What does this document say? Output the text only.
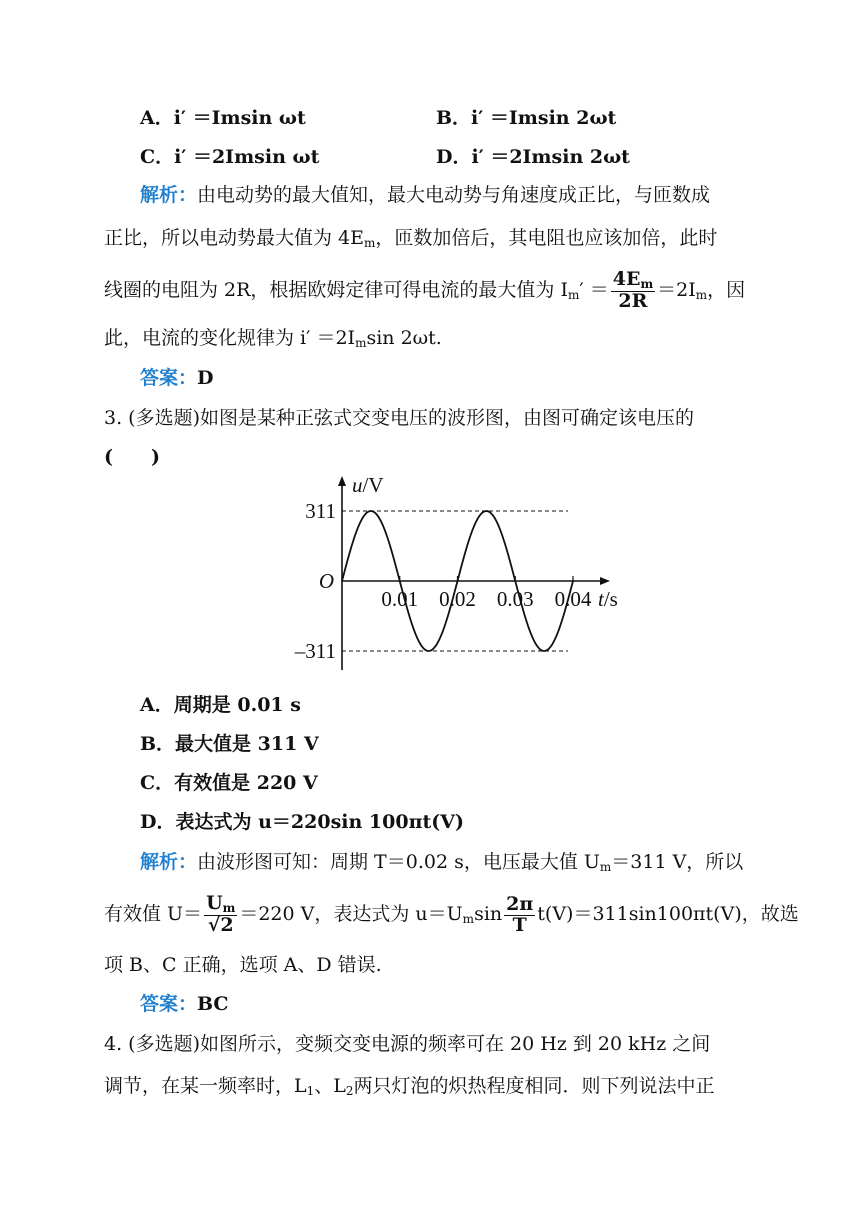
A．i′ ＝Imsin ωt	B．i′ ＝Imsin 2ωt
C．i′ ＝2Imsin ωt	D．i′ ＝2Imsin 2ωt
解析：由电动势的最大值知，最大电动势与角速度成正比，与匝数成
正比，所以电动势最大值为 $4E_m$，匝数加倍后，其电阻也应该加倍，此时
线圈的电阻为 2R，根据欧姆定律可得电流的最大值为 $I_m' = \frac{4E_m}{2R} =2I_m$，因
此，电流的变化规律为 $i' =2I_m\sin$ 2ωt.
答案：D
3. (多选题)如图是某种正弦式交变电压的波形图，由图可确定该电压的
(　　)
0.01 0.02 0.03 0.04
311
–311
O
u/V
t/s
A．周期是 0.01 s
B．最大值是 311 V
C．有效值是 220 V
D．表达式为 u＝220sin 100πt(V)
解析：由波形图可知：周期 T＝0.02 s，电压最大值 $U_m=311$ V，所以
有效值 $U= \frac{U_m}{√2} =220$ V，表达式为 $u=U_m\sin \frac{2\pi}{T} t(V)=311\sin 100\pi t(V)$，故选
项 B、C 正确，选项 A、D 错误.
答案：BC
4. (多选题)如图所示，变频交变电源的频率可在 20 Hz 到 20 kHz 之间
调节，在某一频率时，$L_1$、$L_2$两只灯泡的炽热程度相同．则下列说法中正
